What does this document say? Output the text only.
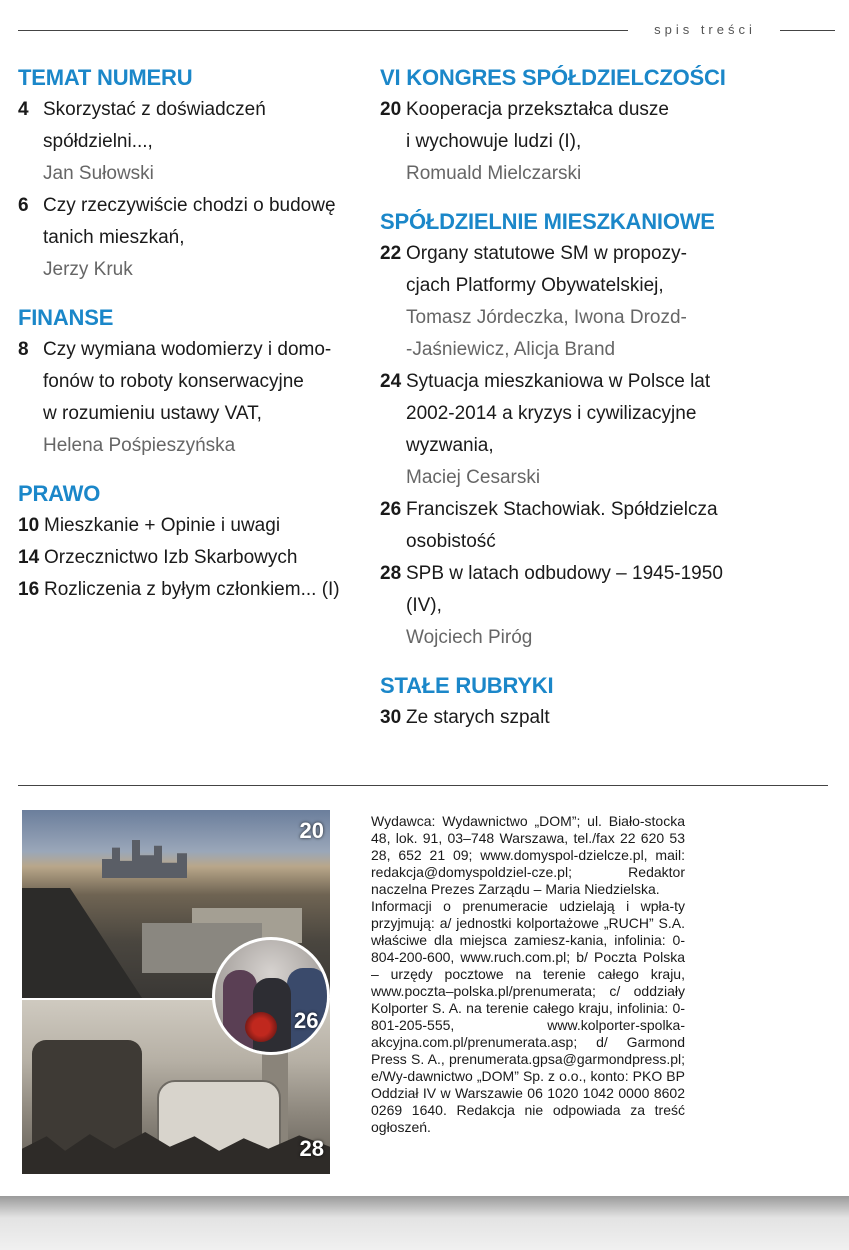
spis treści
TEMAT NUMERU
4 Skorzystać z doświadczeń
spółdzielni...,
Jan Sułowski
6 Czy rzeczywiście chodzi o budowę
tanich mieszkań,
Jerzy Kruk
FINANSE
8 Czy wymiana wodomierzy i domo-
fonów to roboty konserwacyjne
w rozumieniu ustawy VAT,
Helena Pośpieszyńska
PRAWO
10 Mieszkanie + Opinie i uwagi
14 Orzecznictwo Izb Skarbowych
16 Rozliczenia z byłym członkiem... (I)
VI KONGRES SPÓŁDZIELCZOŚCI
20 Kooperacja przekształca dusze
i wychowuje ludzi (I),
Romuald Mielczarski
SPÓŁDZIELNIE MIESZKANIOWE
22 Organy statutowe SM w propozy-
cjach Platformy Obywatelskiej,
Tomasz Jórdeczka, Iwona Drozd-
-Jaśniewicz, Alicja Brand
24 Sytuacja mieszkaniowa w Polsce lat
2002-2014 a kryzys i cywilizacyjne
wyzwania,
Maciej Cesarski
26 Franciszek Stachowiak. Spółdzielcza
osobistość
28 SPB w latach odbudowy – 1945-1950
(IV),
Wojciech Piróg
STAŁE RUBRYKI
30 Ze starych szpalt
20
28
26

Wydawca: Wydawnictwo „DOM”; ul. Biało-stocka 48, lok. 91, 03–748 Warszawa, tel./fax 22 620 53 28, 652 21 09; www.domyspol-dzielcze.pl, mail: redakcja@domyspoldziel-cze.pl; Redaktor naczelna Prezes Zarządu – Maria Niedzielska.

Informacji o prenumeracie udzielają i wpła-ty przyjmują: a/ jednostki kolportażowe „RUCH” S.A. właściwe dla miejsca zamiesz-kania, infolinia: 0-804-200-600, www.ruch.com.pl; b/ Poczta Polska – urzędy pocztowe na terenie całego kraju, www.poczta–polska.pl/prenumerata; c/ oddziały Kolporter S. A. na terenie całego kraju, infolinia: 0-801-205-555, www.kolporter-spolka-akcyjna.com.pl/prenumerata.asp; d/ Garmond Press S. A., prenumerata.gpsa@garmondpress.pl; e/Wy-dawnictwo „DOM” Sp. z o.o., konto: PKO BP Oddział IV w Warszawie 06 1020 1042 0000 8602 0269 1640. Redakcja nie odpowiada za treść ogłoszeń.
